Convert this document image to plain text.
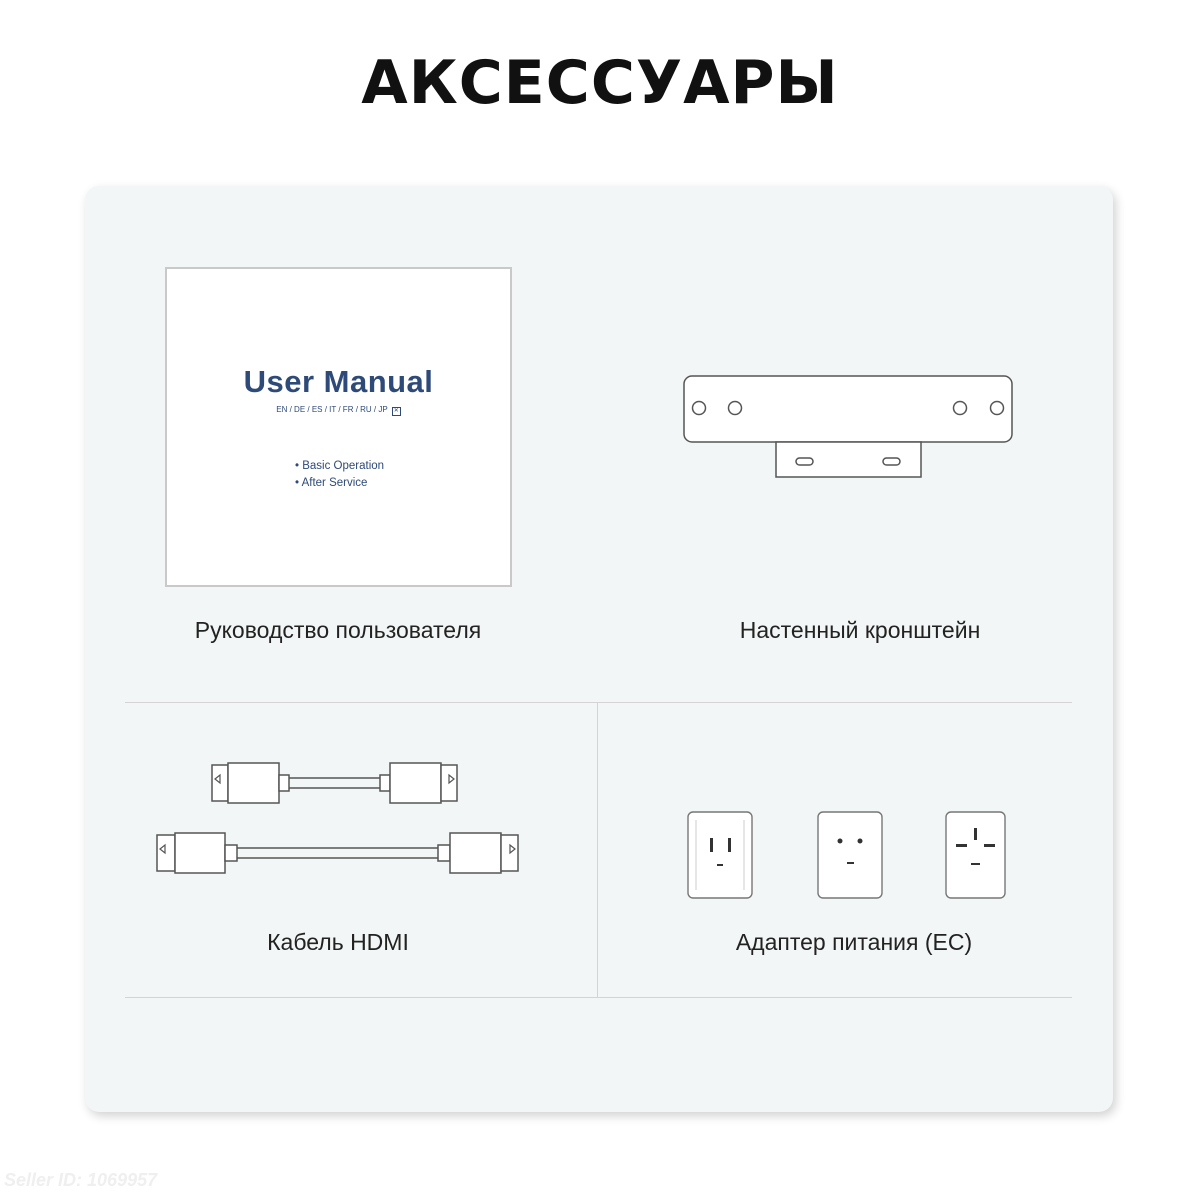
АКСЕССУАРЫ
User Manual
EN / DE / ES / IT / FR / RU / JP ✕
• Basic Operation
• After Service
Руководство пользователя	Настенный кронштейн
Кабель HDMI	Адаптер питания (ЕС)
Seller ID: 1069957
